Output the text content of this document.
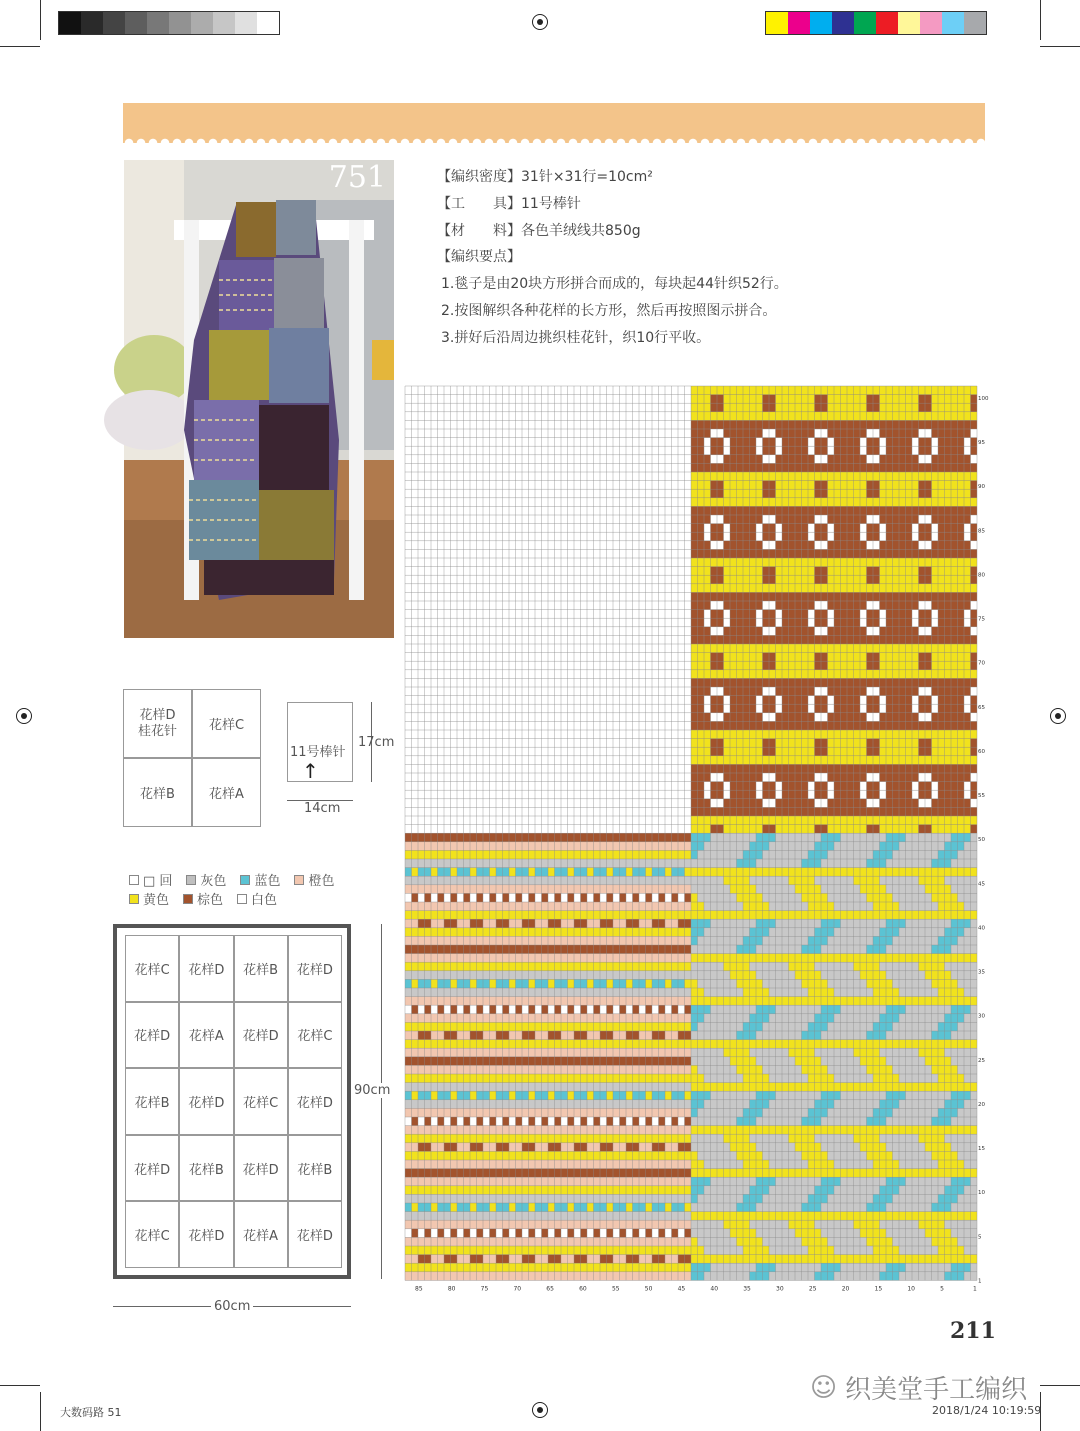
751	【编织密度】31针×31行=10cm²
【工　　具】11号棒针
【材　　料】各色羊绒线共850g
【编织要点】
1.毯子是由20块方形拼合而成的，每块起44针织52行。
2.按图解织各种花样的长方形，然后再按照图示拼合。
3.拼好后沿周边挑织桂花针，织10行平收。
花样D
桂花针	花样C
花样B	花样A
11号棒针
↑
17cm
14cm
□ 回 灰色 蓝色 橙色
黄色 棕色 白色
花样C	花样D	花样B	花样D
花样D	花样A	花样D	花样C
花样B	花样D	花样C	花样D
花样D	花样B	花样D	花样B
花样C	花样D	花样A	花样D
90cm
60cm
100
95
90
85
80
75
70
65
60
55
50
45
40
35
30
25
20
15
10
5
1
85	80	75	70	65	60	55	50	45	40	35	30	25	20	15	10	5	1
211
☺ 织美堂手工编织
大数码路 51	2018/1/24 10:19:59
